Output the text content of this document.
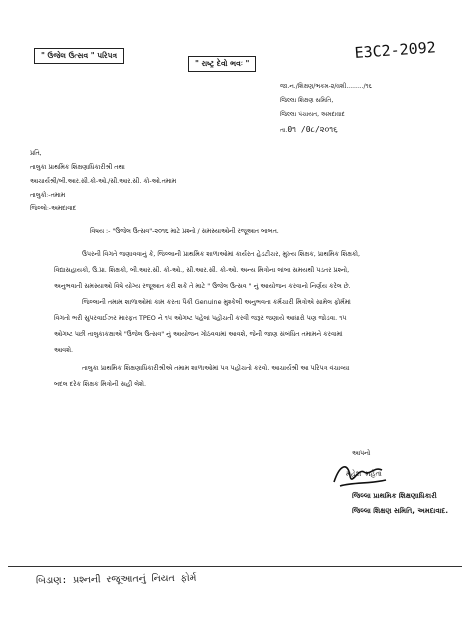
" ઉજેલ ઉત્સવ " પરિપત્ર
" રાષ્ટ્ર દેવો ભવઃ "
E3C2-2092
જા.ન./શિક્ષણ/ભકમ-૨/વશી........./૧૬
જિલ્લા શિક્ષણ સમિતિ,
જિલ્લા પંચાયત, અમદાવાદ
તા.0૧ /0૮/૨૦૧૬
પ્રતિ,
તાલુકા પ્રાથમિક શિક્ષણાધિકારીશ્રી તથા
આચાર્યશ્રી/બી.આર.સી.કો-ઓ./સી.આર.સી. કો-ઓ.તમામ
તાલુકોઃ-તમામ
જિલ્લોઃ-અમદાવાદ
વિષય :- "ઉજેલ ઉત્સવ"-૨૦૧૬ માટે પ્રશ્નો / સમસ્યાઓની રજૂઆત બાબત.
ઉપરની વિગતે જણાવવાનું કે, જિલ્લાની પ્રાથમિક શાળાઓમાં કાર્યરત હેડટીચર, મુખ્ય શિક્ષક, પ્રાથમિક શિક્ષકો,
વિદ્યાસહાયકો, ઉ.પ્રા. શિક્ષકો, બી.આર.સી. કો-ઓ., સી.આર.સી. કો-ઓ. અન્ય મિત્રોના લાંબા સમયથી પડતર પ્રશ્નો,
અનુભવાતી સમસ્યાઓ વિષે યોગ્ય રજૂઆત કરી શકે તે માટે " ઉજેલ ઉત્સવ " નું આયોજન કરવાનો નિર્ણય કરેલ છે.
જિલ્લાની તમામ શાળાઓમાં કામ કરતા પૈકી Genuine મુશ્કેલી અનુભવતા કર્મચારી મિત્રોએ સામેલ ફોર્મમાં
વિગતો ભરી સુપરવાઈઝર મારફત TPEO ને ૧૫ ઓગષ્ટ પહેલાં પહોંચતી કરવી જરૂર જણાયે આધારો પણ જોડવા. ૧૫
ઓગષ્ટ પછી તાલુકાકક્ષાએ "ઉજેલ ઉત્સવ" નું આયોજન ગોઠવવામાં આવશે, જેની જાણ સંબંધિત તમામને કરવામાં
આવશે.
તાલુકા પ્રાથમિક શિક્ષણાધિકારીશ્રીએ તમામ શાળાઓમાં પત્ર પહોંચતો કરવો. આચાર્યશ્રી આ પરિપત્ર વંચાવ્યા
બદલ દરેક શિક્ષક મિત્રોની સહી લેશે.
આપનો
મહેશ મહેતા
જિલ્લા પ્રાથમિક શિક્ષણાધિકારી
જિલ્લા શિક્ષણ સમિતિ, અમદાવાદ.
બિડાણ: પ્રશ્નની રજૂઆતનું નિયત ફોર્મ
